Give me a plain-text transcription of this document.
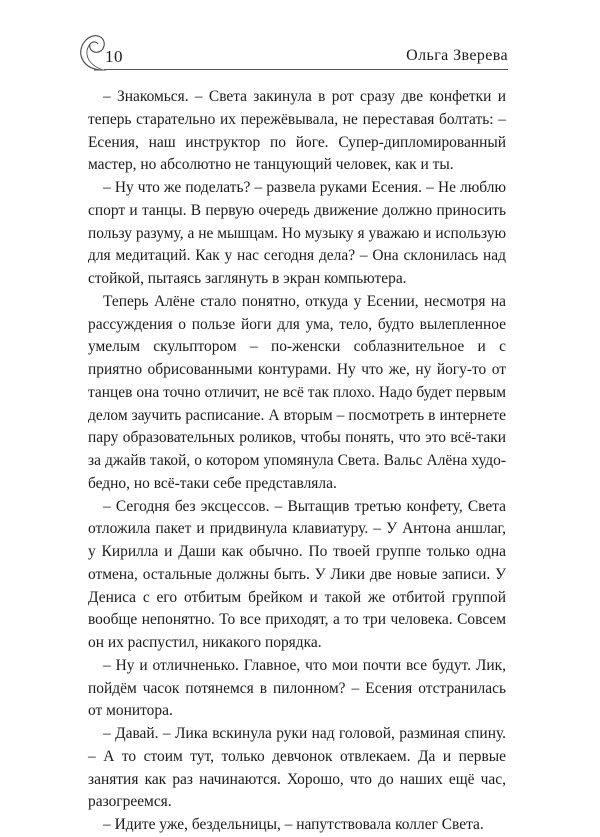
10	Ольга Зверева

– Знакомься. – Света закинула в рот сразу две конфетки и теперь старательно их пережёвывала, не переставая болтать: – Есения, наш инструктор по йоге. Супер-дипломированный мастер, но абсолютно не танцующий человек, как и ты.

– Ну что же поделать? – развела руками Есения. – Не люблю спорт и танцы. В первую очередь движение должно приносить пользу разуму, а не мышцам. Но музыку я уважаю и использую для медитаций. Как у нас сегодня дела? – Она склонилась над стойкой, пытаясь заглянуть в экран компьютера.

Теперь Алёне стало понятно, откуда у Есении, несмотря на рассуждения о пользе йоги для ума, тело, будто вылепленное умелым скульптором – по-женски соблазнительное и с приятно обрисованными контурами. Ну что же, ну йогу-то от танцев она точно отличит, не всё так плохо. Надо будет первым делом заучить расписание. А вторым – посмотреть в интернете пару образовательных роликов, чтобы понять, что это всё-таки за джайв такой, о котором упомянула Света. Вальс Алёна худо-бедно, но всё-таки себе представляла.

– Сегодня без эксцессов. – Вытащив третью конфету, Света отложила пакет и придвинула клавиатуру. – У Антона аншлаг, у Кирилла и Даши как обычно. По твоей группе только одна отмена, остальные должны быть. У Лики две новые записи. У Дениса с его отбитым брейком и такой же отбитой группой вообще непонятно. То все приходят, а то три человека. Совсем он их распустил, никакого порядка.

– Ну и отличненько. Главное, что мои почти все будут. Лик, пойдём часок потянемся в пилонном? – Есения отстранилась от монитора.

– Давай. – Лика вскинула руки над головой, разминая спину. – А то стоим тут, только девчонок отвлекаем. Да и первые занятия как раз начинаются. Хорошо, что до наших ещё час, разогреемся.

– Идите уже, бездельницы, – напутствовала коллег Света.
